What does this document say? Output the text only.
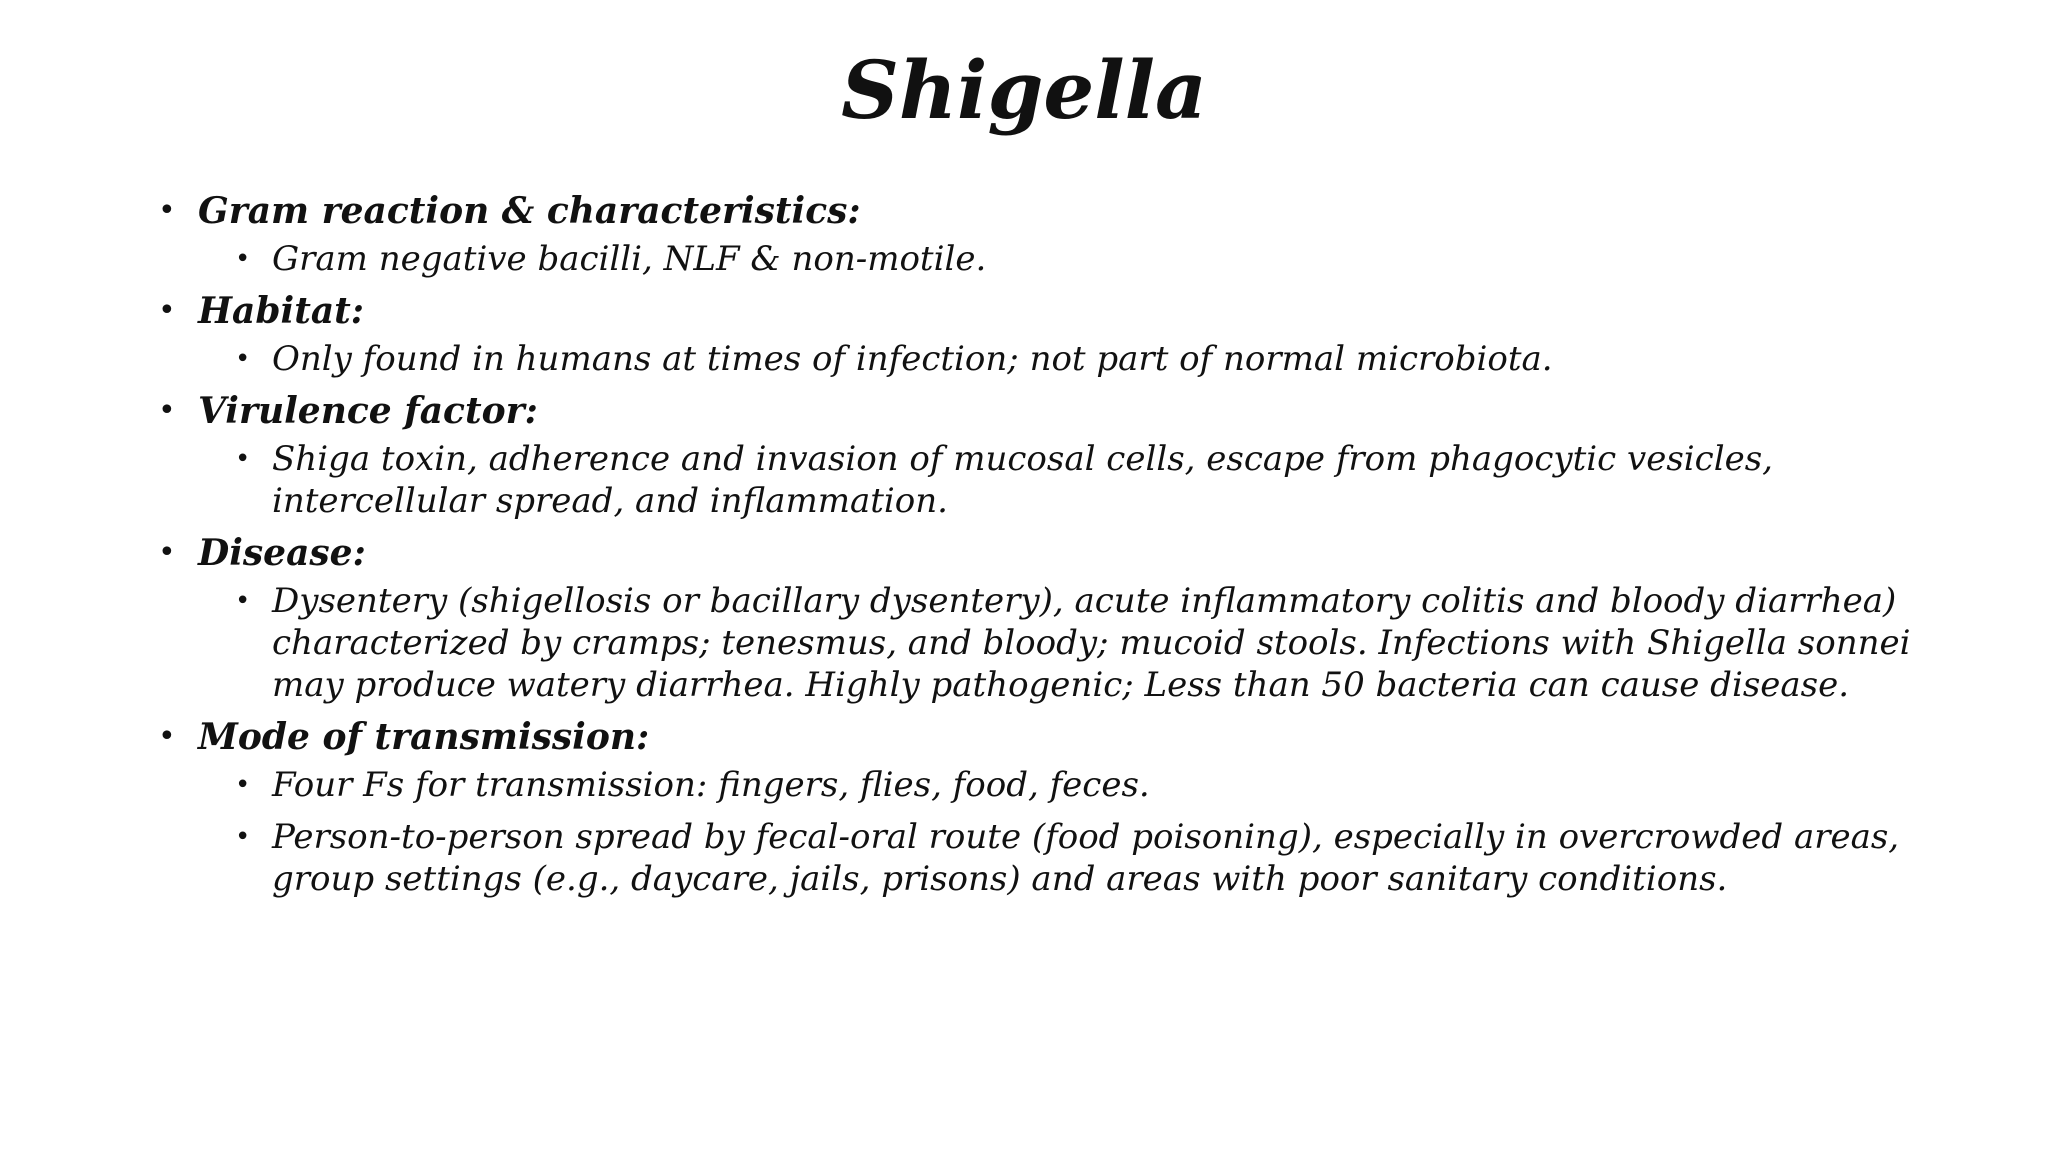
Shigella
• Gram reaction & characteristics:
• Gram negative bacilli, NLF & non-motile.
• Habitat:
• Only found in humans at times of infection; not part of normal microbiota.
• Virulence factor:
• Shiga toxin, adherence and invasion of mucosal cells, escape from phagocytic vesicles, intercellular spread, and inflammation.
• Disease:
• Dysentery (shigellosis or bacillary dysentery), acute inflammatory colitis and bloody diarrhea) characterized by cramps; tenesmus, and bloody; mucoid stools. Infections with Shigella sonnei may produce watery diarrhea. Highly pathogenic; Less than 50 bacteria can cause disease.
• Mode of transmission:
• Four Fs for transmission: fingers, flies, food, feces.
• Person-to-person spread by fecal-oral route (food poisoning), especially in overcrowded areas, group settings (e.g., daycare, jails, prisons) and areas with poor sanitary conditions.
